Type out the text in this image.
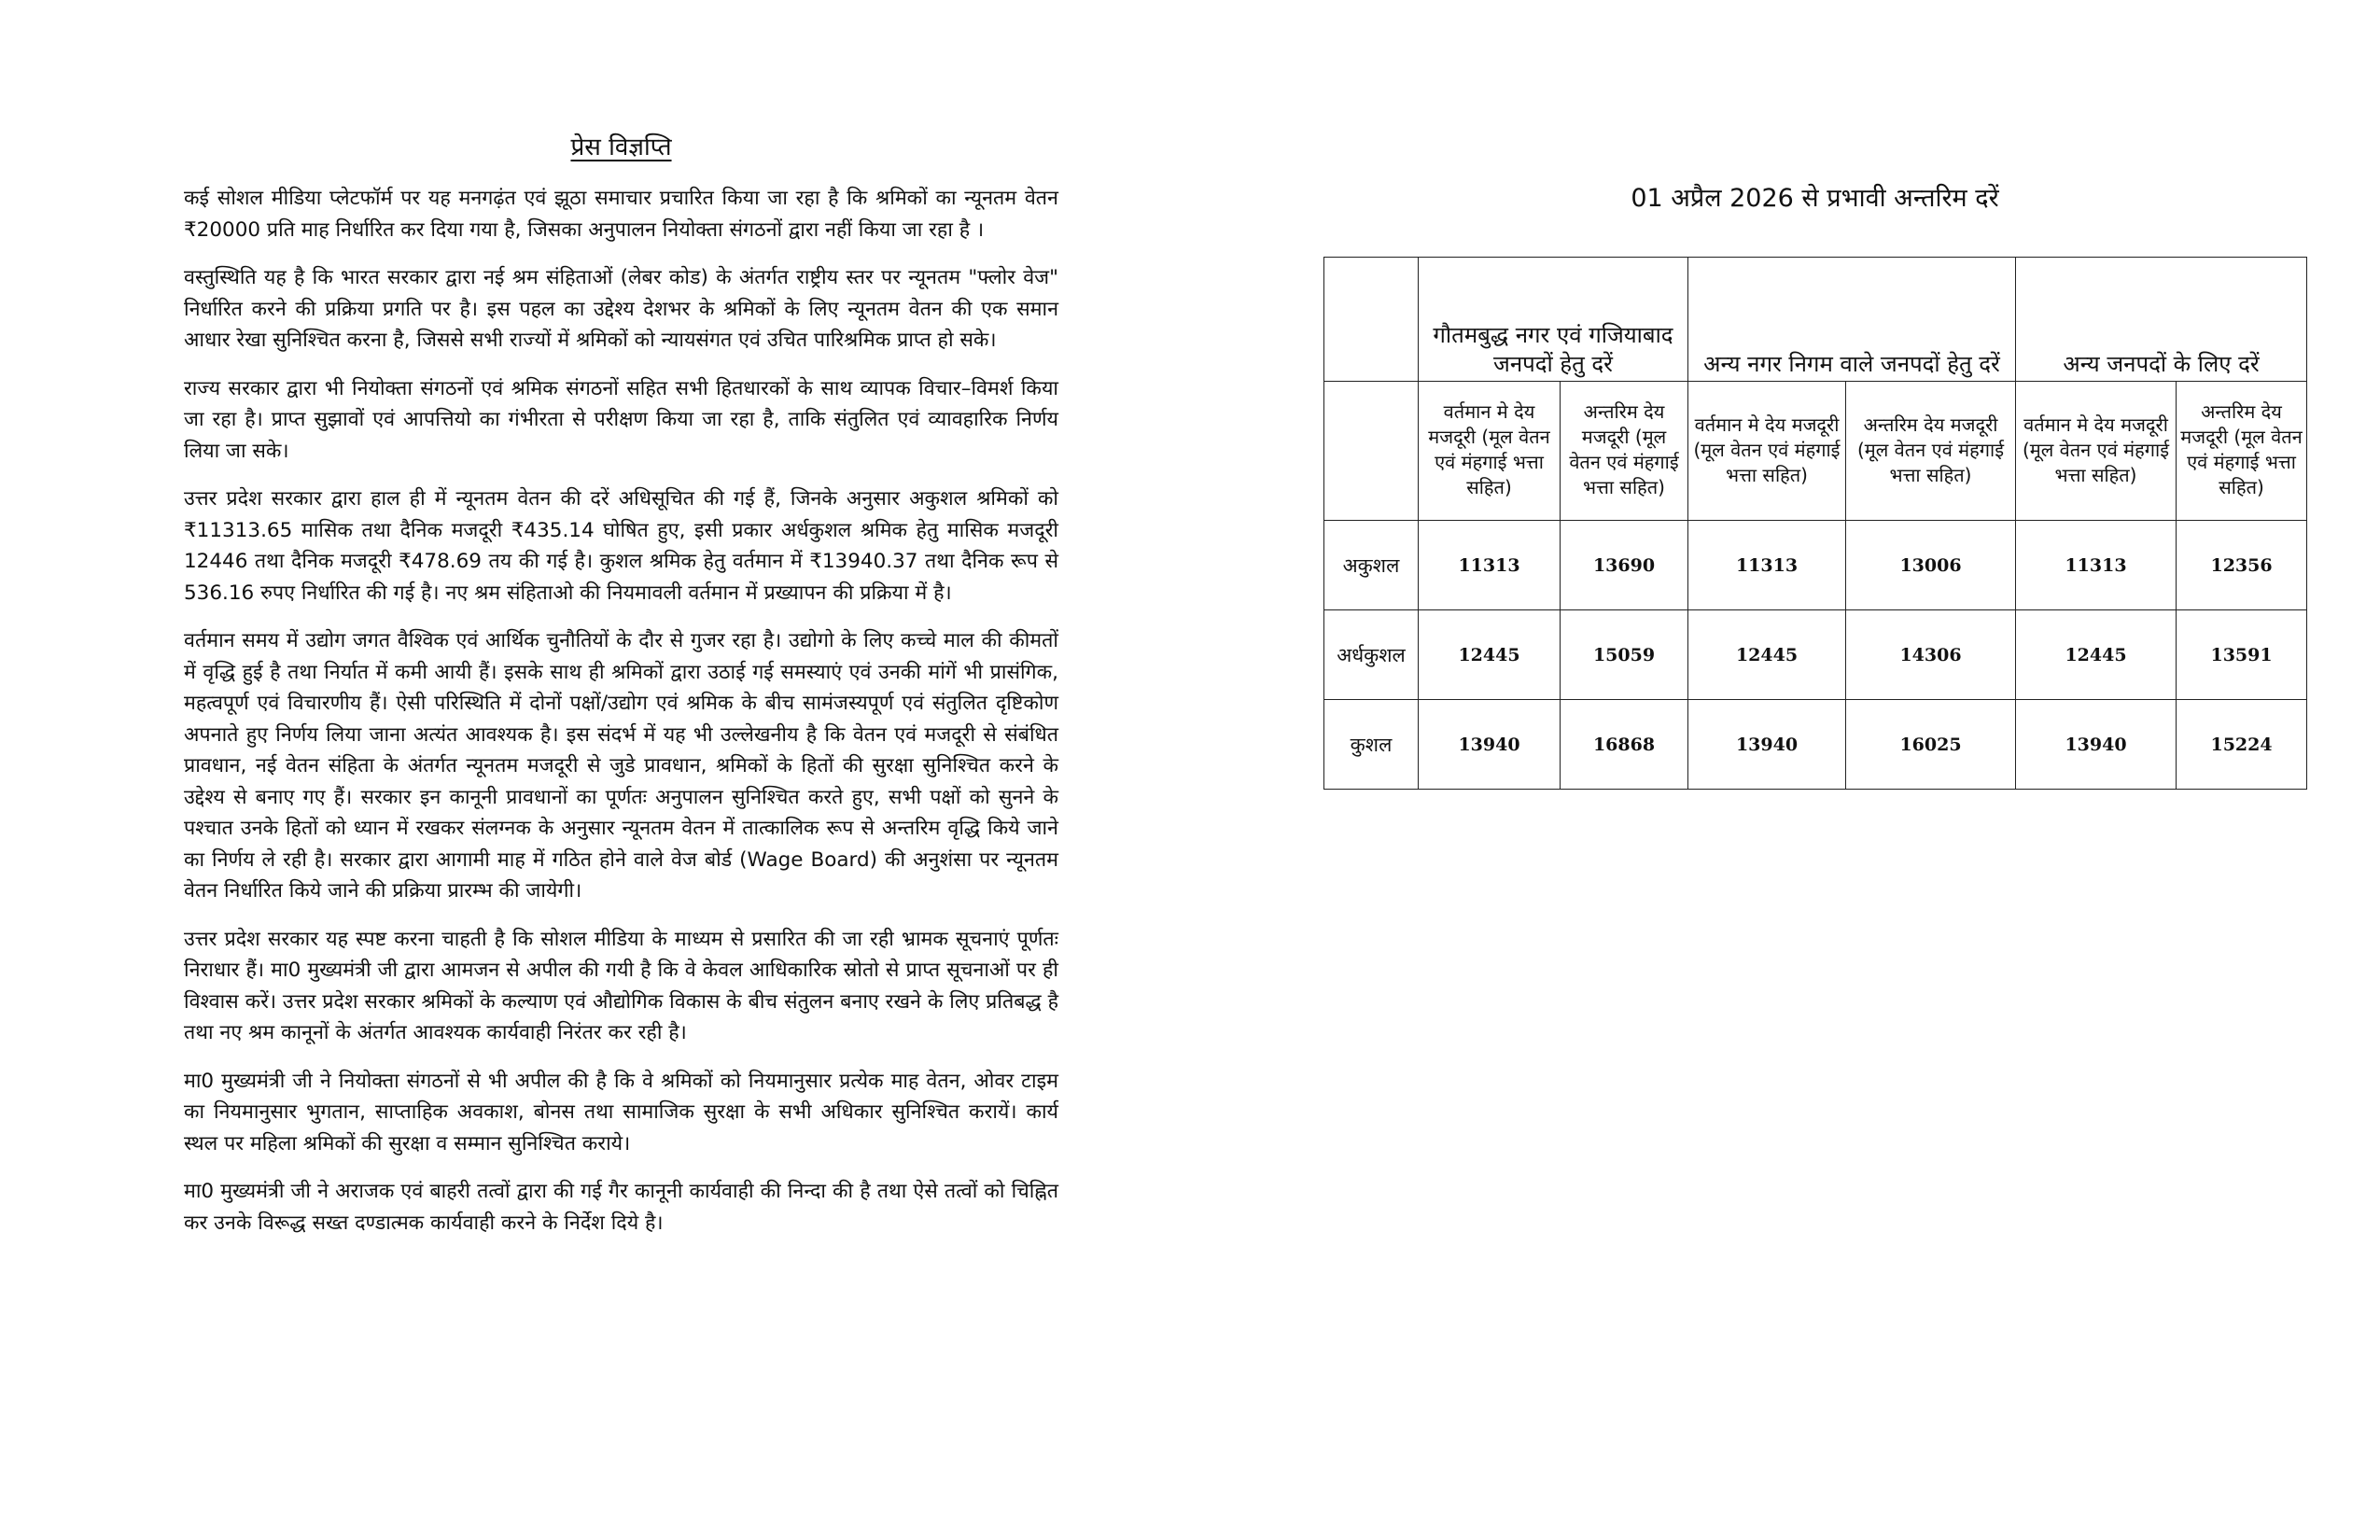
प्रेस विज्ञप्ति

कई सोशल मीडिया प्लेटफॉर्म पर यह मनगढ़ंत एवं झूठा समाचार प्रचारित किया जा रहा है कि श्रमिकों का न्यूनतम वेतन ₹20000 प्रति माह निर्धारित कर दिया गया है, जिसका अनुपालन नियोक्ता संगठनों द्वारा नहीं किया जा रहा है ।

वस्तुस्थिति यह है कि भारत सरकार द्वारा नई श्रम संहिताओं (लेबर कोड) के अंतर्गत राष्ट्रीय स्तर पर न्यूनतम "फ्लोर वेज" निर्धारित करने की प्रक्रिया प्रगति पर है। इस पहल का उद्देश्य देशभर के श्रमिकों के लिए न्यूनतम वेतन की एक समान आधार रेखा सुनिश्चित करना है, जिससे सभी राज्यों में श्रमिकों को न्यायसंगत एवं उचित पारिश्रमिक प्राप्त हो सके।

राज्य सरकार द्वारा भी नियोक्ता संगठनों एवं श्रमिक संगठनों सहित सभी हितधारकों के साथ व्यापक विचार–विमर्श किया जा रहा है। प्राप्त सुझावों एवं आपत्तियो का गंभीरता से परीक्षण किया जा रहा है, ताकि संतुलित एवं व्यावहारिक निर्णय लिया जा सके।

उत्तर प्रदेश सरकार द्वारा हाल ही में न्यूनतम वेतन की दरें अधिसूचित की गई हैं, जिनके अनुसार अकुशल श्रमिकों को ₹11313.65 मासिक तथा दैनिक मजदूरी ₹435.14 घोषित हुए, इसी प्रकार अर्धकुशल श्रमिक हेतु मासिक मजदूरी 12446 तथा दैनिक मजदूरी ₹478.69 तय की गई है। कुशल श्रमिक हेतु वर्तमान में ₹13940.37 तथा दैनिक रूप से 536.16 रुपए निर्धारित की गई है। नए श्रम संहिताओ की नियमावली वर्तमान में प्रख्यापन की प्रक्रिया में है।

वर्तमान समय में उद्योग जगत वैश्विक एवं आर्थिक चुनौतियों के दौर से गुजर रहा है। उद्योगो के लिए कच्चे माल की कीमतों में वृद्धि हुई है तथा निर्यात में कमी आयी हैं। इसके साथ ही श्रमिकों द्वारा उठाई गई समस्याएं एवं उनकी मांगें भी प्रासंगिक, महत्वपूर्ण एवं विचारणीय हैं। ऐसी परिस्थिति में दोनों पक्षों/उद्योग एवं श्रमिक के बीच सामंजस्यपूर्ण एवं संतुलित दृष्टिकोण अपनाते हुए निर्णय लिया जाना अत्यंत आवश्यक है। इस संदर्भ में यह भी उल्लेखनीय है कि वेतन एवं मजदूरी से संबंधित प्रावधान, नई वेतन संहिता के अंतर्गत न्यूनतम मजदूरी से जुडे प्रावधान, श्रमिकों के हितों की सुरक्षा सुनिश्चित करने के उद्देश्य से बनाए गए हैं। सरकार इन कानूनी प्रावधानों का पूर्णतः अनुपालन सुनिश्चित करते हुए, सभी पक्षों को सुनने के पश्चात उनके हितों को ध्यान में रखकर संलग्नक के अनुसार न्यूनतम वेतन में तात्कालिक रूप से अन्तरिम वृद्धि किये जाने का निर्णय ले रही है। सरकार द्वारा आगामी माह में गठित होने वाले वेज बोर्ड (Wage Board) की अनुशंसा पर न्यूनतम वेतन निर्धारित किये जाने की प्रक्रिया प्रारम्भ की जायेगी।

उत्तर प्रदेश सरकार यह स्पष्ट करना चाहती है कि सोशल मीडिया के माध्यम से प्रसारित की जा रही भ्रामक सूचनाएं पूर्णतः निराधार हैं। मा0 मुख्यमंत्री जी द्वारा आमजन से अपील की गयी है कि वे केवल आधिकारिक स्रोतो से प्राप्त सूचनाओं पर ही विश्वास करें। उत्तर प्रदेश सरकार श्रमिकों के कल्याण एवं औद्योगिक विकास के बीच संतुलन बनाए रखने के लिए प्रतिबद्ध है तथा नए श्रम कानूनों के अंतर्गत आवश्यक कार्यवाही निरंतर कर रही है।

मा0 मुख्यमंत्री जी ने नियोक्ता संगठनों से भी अपील की है कि वे श्रमिकों को नियमानुसार प्रत्येक माह वेतन, ओवर टाइम का नियमानुसार भुगतान, साप्ताहिक अवकाश, बोनस तथा सामाजिक सुरक्षा के सभी अधिकार सुनिश्चित करायें। कार्य स्थल पर महिला श्रमिकों की सुरक्षा व सम्मान सुनिश्चित कराये।

मा0 मुख्यमंत्री जी ने अराजक एवं बाहरी तत्वों द्वारा की गई गैर कानूनी कार्यवाही की निन्दा की है तथा ऐसे तत्वों को चिह्नित कर उनके विरूद्ध सख्त दण्डात्मक कार्यवाही करने के निर्देश दिये है।

01 अप्रैल 2026 से प्रभावी अन्तरिम दरें
	गौतमबुद्ध नगर एवं गजियाबाद जनपदों हेतु दरें		अन्य नगर निगम वाले जनपदों हेतु दरें		अन्य जनपदों के लिए दरें	
	वर्तमान मे देय मजदूरी (मूल वेतन एवं मंहगाई भत्ता सहित)	अन्तरिम देय मजदूरी (मूल वेतन एवं मंहगाई भत्ता सहित)	वर्तमान मे देय मजदूरी (मूल वेतन एवं मंहगाई भत्ता सहित)	अन्तरिम देय मजदूरी (मूल वेतन एवं मंहगाई भत्ता सहित)	वर्तमान मे देय मजदूरी (मूल वेतन एवं मंहगाई भत्ता सहित)	अन्तरिम देय मजदूरी (मूल वेतन एवं मंहगाई भत्ता सहित)
अकुशल	11313	13690	11313	13006	11313	12356
अर्धकुशल	12445	15059	12445	14306	12445	13591
कुशल	13940	16868	13940	16025	13940	15224
